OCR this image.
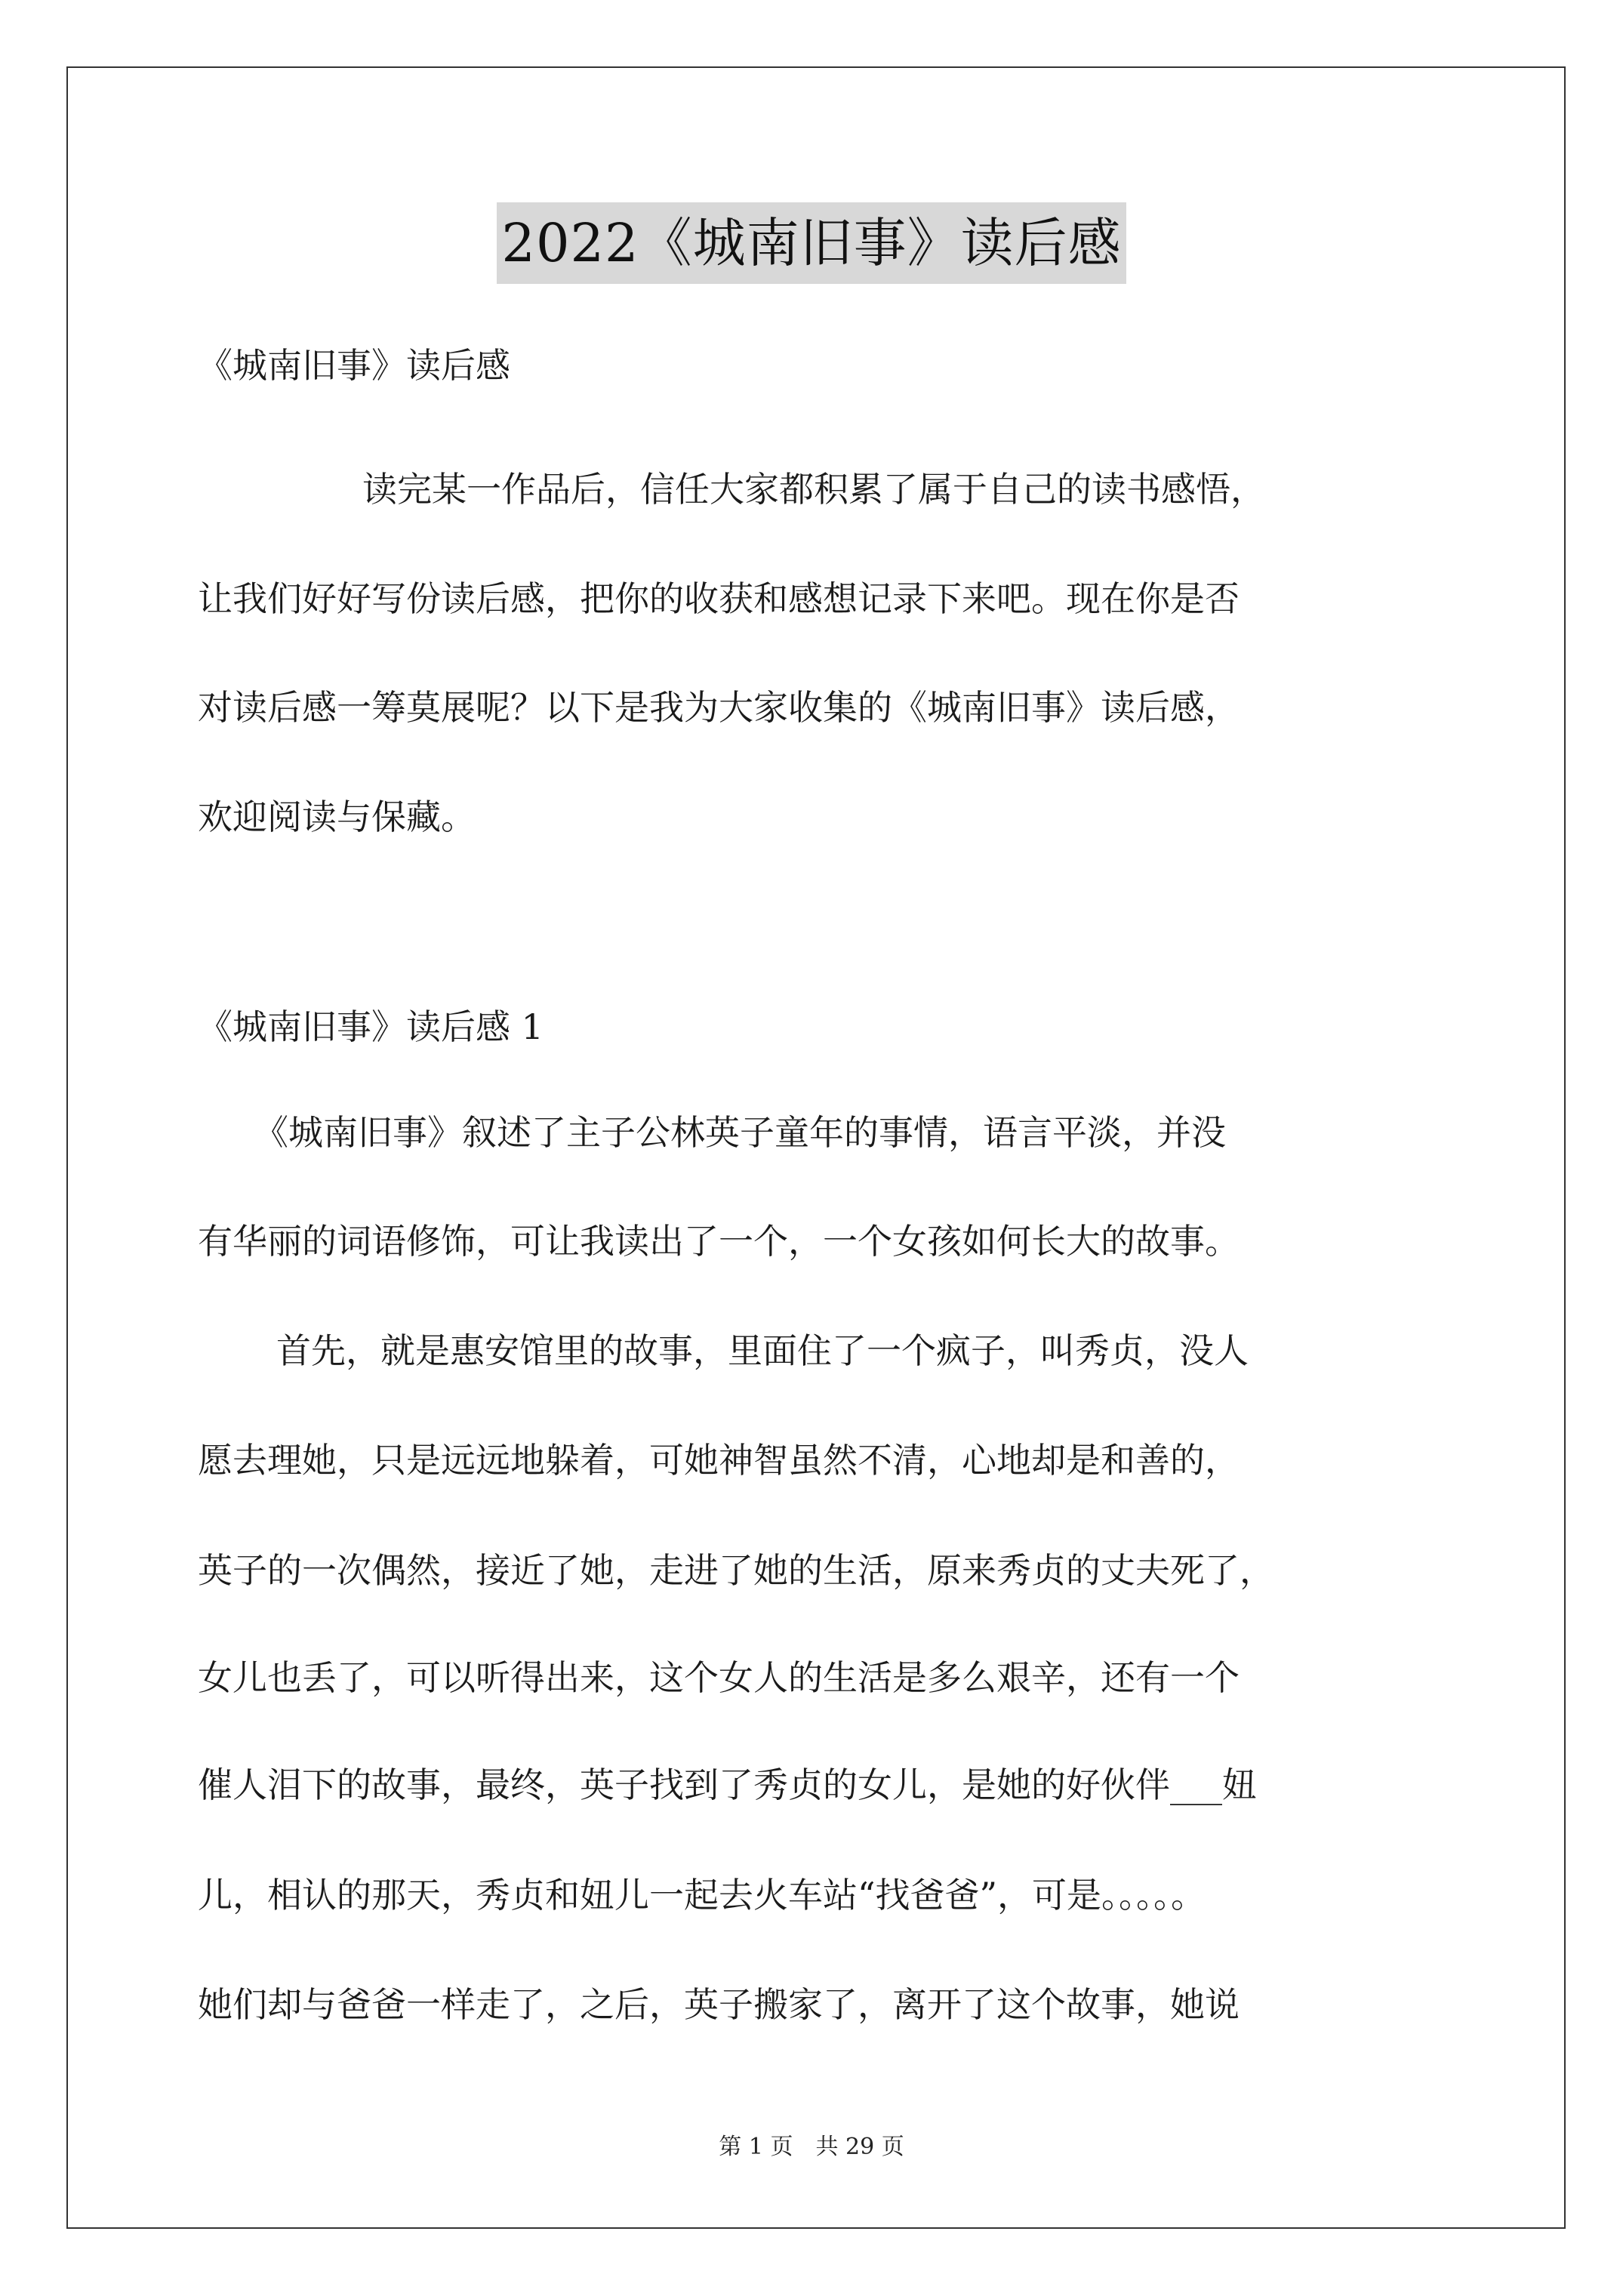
2022《城南旧事》读后感
《城南旧事》读后感
读完某一作品后，信任大家都积累了属于自己的读书感悟，
让我们好好写份读后感，把你的收获和感想记录下来吧。现在你是否
对读后感一筹莫展呢？以下是我为大家收集的《城南旧事》读后感，
欢迎阅读与保藏。
《城南旧事》读后感 1
《城南旧事》叙述了主子公林英子童年的事情，语言平淡，并没
有华丽的词语修饰，可让我读出了一个，一个女孩如何长大的故事。
首先，就是惠安馆里的故事，里面住了一个疯子，叫秀贞，没人
愿去理她，只是远远地躲着，可她神智虽然不清，心地却是和善的，
英子的一次偶然，接近了她，走进了她的生活，原来秀贞的丈夫死了，
女儿也丢了，可以听得出来，这个女人的生活是多么艰辛，还有一个
催人泪下的故事，最终，英子找到了秀贞的女儿，是她的好伙伴___妞
儿，相认的那天，秀贞和妞儿一起去火车站“找爸爸”，可是。。。。。
她们却与爸爸一样走了，之后，英子搬家了，离开了这个故事，她说
第 1 页 共 29 页
